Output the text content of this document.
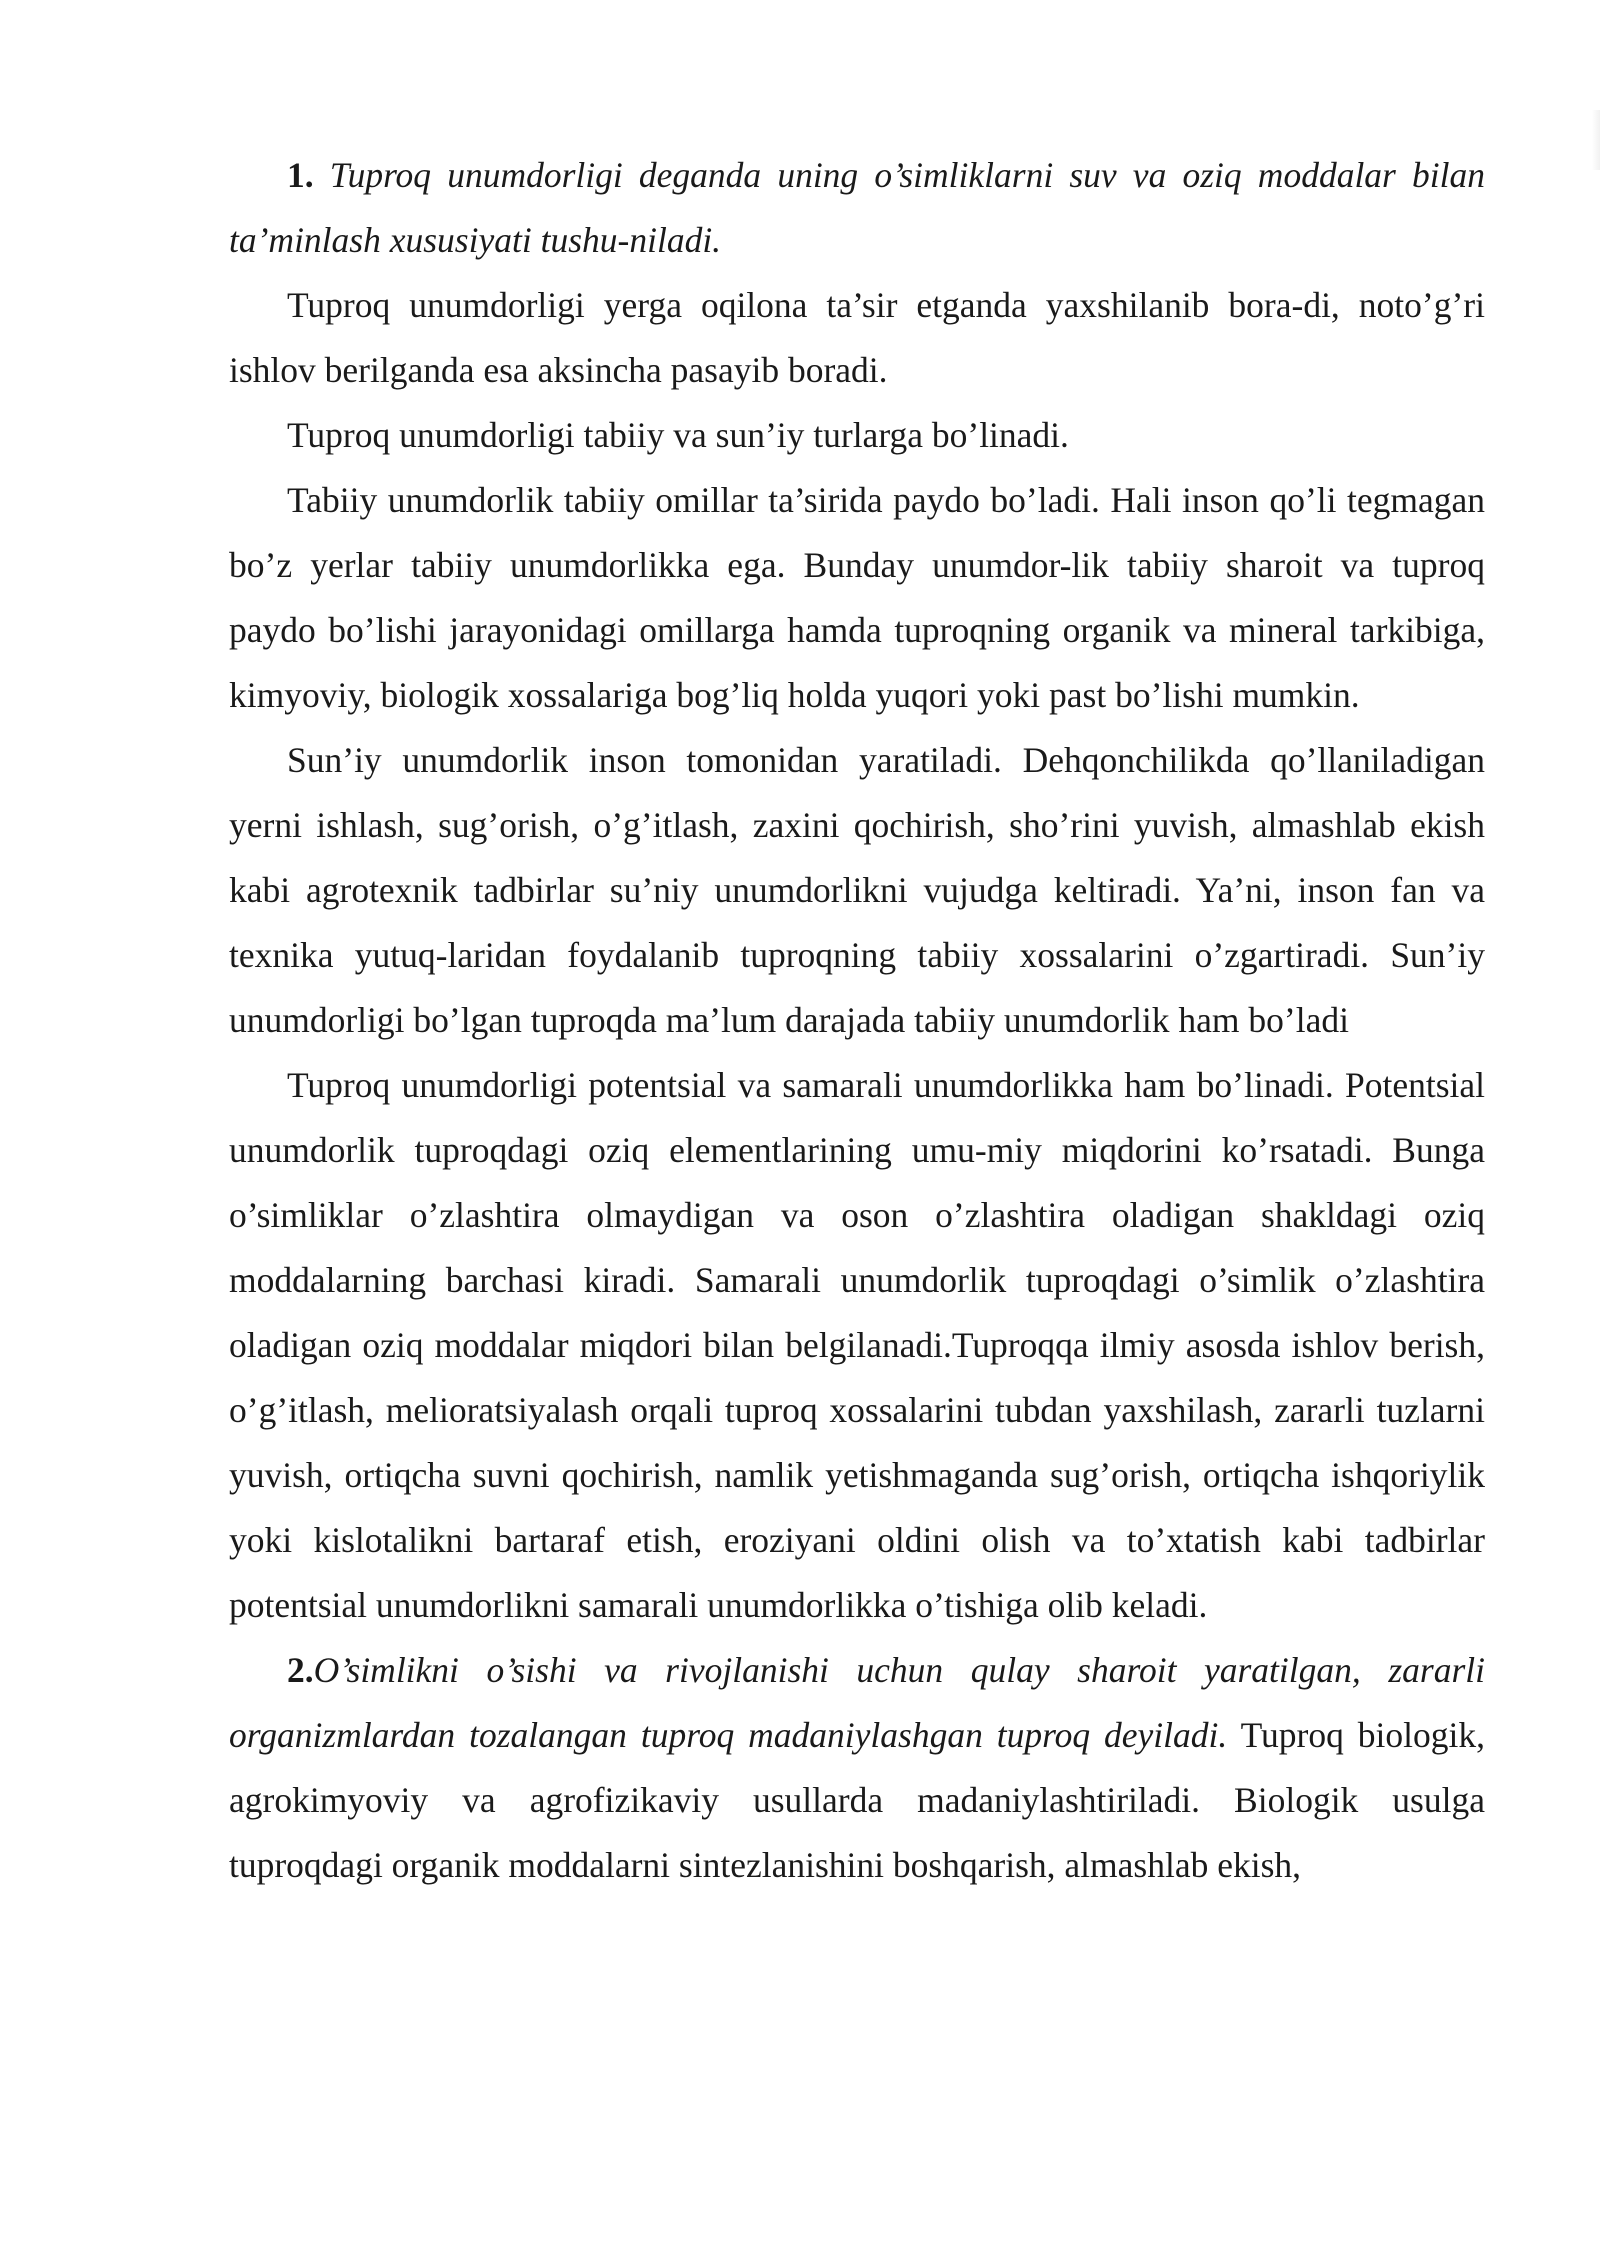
1. Tuproq unumdorligi deganda uning o’simliklarni suv va oziq moddalar bilan ta’minlash xususiyati tushu-niladi.

Tuproq unumdorligi yerga oqilona ta’sir etganda yaxshilanib bora-di, noto’g’ri ishlov berilganda esa aksincha pasayib boradi.

Tuproq unumdorligi tabiiy va sun’iy turlarga bo’linadi.

Tabiiy unumdorlik tabiiy omillar ta’sirida paydo bo’ladi. Hali inson qo’li tegmagan bo’z yerlar tabiiy unumdorlikka ega. Bunday unumdor-lik tabiiy sharoit va tuproq paydo bo’lishi jarayonidagi omillarga hamda tuproqning organik va mineral tarkibiga, kimyoviy, biologik xossalariga bog’liq holda yuqori yoki past bo’lishi mumkin.

Sun’iy unumdorlik inson tomonidan yaratiladi. Dehqonchilikda qo’llaniladigan yerni ishlash, sug’orish, o’g’itlash, zaxini qochirish, sho’rini yuvish, almashlab ekish kabi agrotexnik tadbirlar su’niy unumdorlikni vujudga keltiradi. Ya’ni, inson fan va texnika yutuq-laridan foydalanib tuproqning tabiiy xossalarini o’zgartiradi. Sun’iy unumdorligi bo’lgan tuproqda ma’lum darajada tabiiy unumdorlik ham bo’ladi

Tuproq unumdorligi potentsial va samarali unumdorlikka ham bo’linadi. Potentsial unumdorlik tuproqdagi oziq elementlarining umu-miy miqdorini ko’rsatadi. Bunga o’simliklar o’zlashtira olmaydigan va oson o’zlashtira oladigan shakldagi oziq moddalarning barchasi kiradi. Samarali unumdorlik tuproqdagi o’simlik o’zlashtira oladigan oziq moddalar miqdori bilan belgilanadi.Tuproqqa ilmiy asosda ishlov berish, o’g’itlash, melioratsiyalash orqali tuproq xossalarini tubdan yaxshilash, zararli tuzlarni yuvish, ortiqcha suvni qochirish, namlik yetishmaganda sug’orish, ortiqcha ishqoriylik yoki kislotalikni bartaraf etish, eroziyani oldini olish va to’xtatish kabi tadbirlar potentsial unumdorlikni samarali unumdorlikka o’tishiga olib keladi.

2.O’simlikni o’sishi va rivojlanishi uchun qulay sharoit yaratilgan, zararli organizmlardan tozalangan tuproq madaniylashgan tuproq deyiladi. Tuproq biologik, agrokimyoviy va agrofizikaviy usullarda madaniylashtiriladi. Biologik usulga tuproqdagi organik moddalarni sintezlanishini boshqarish, almashlab ekish,
